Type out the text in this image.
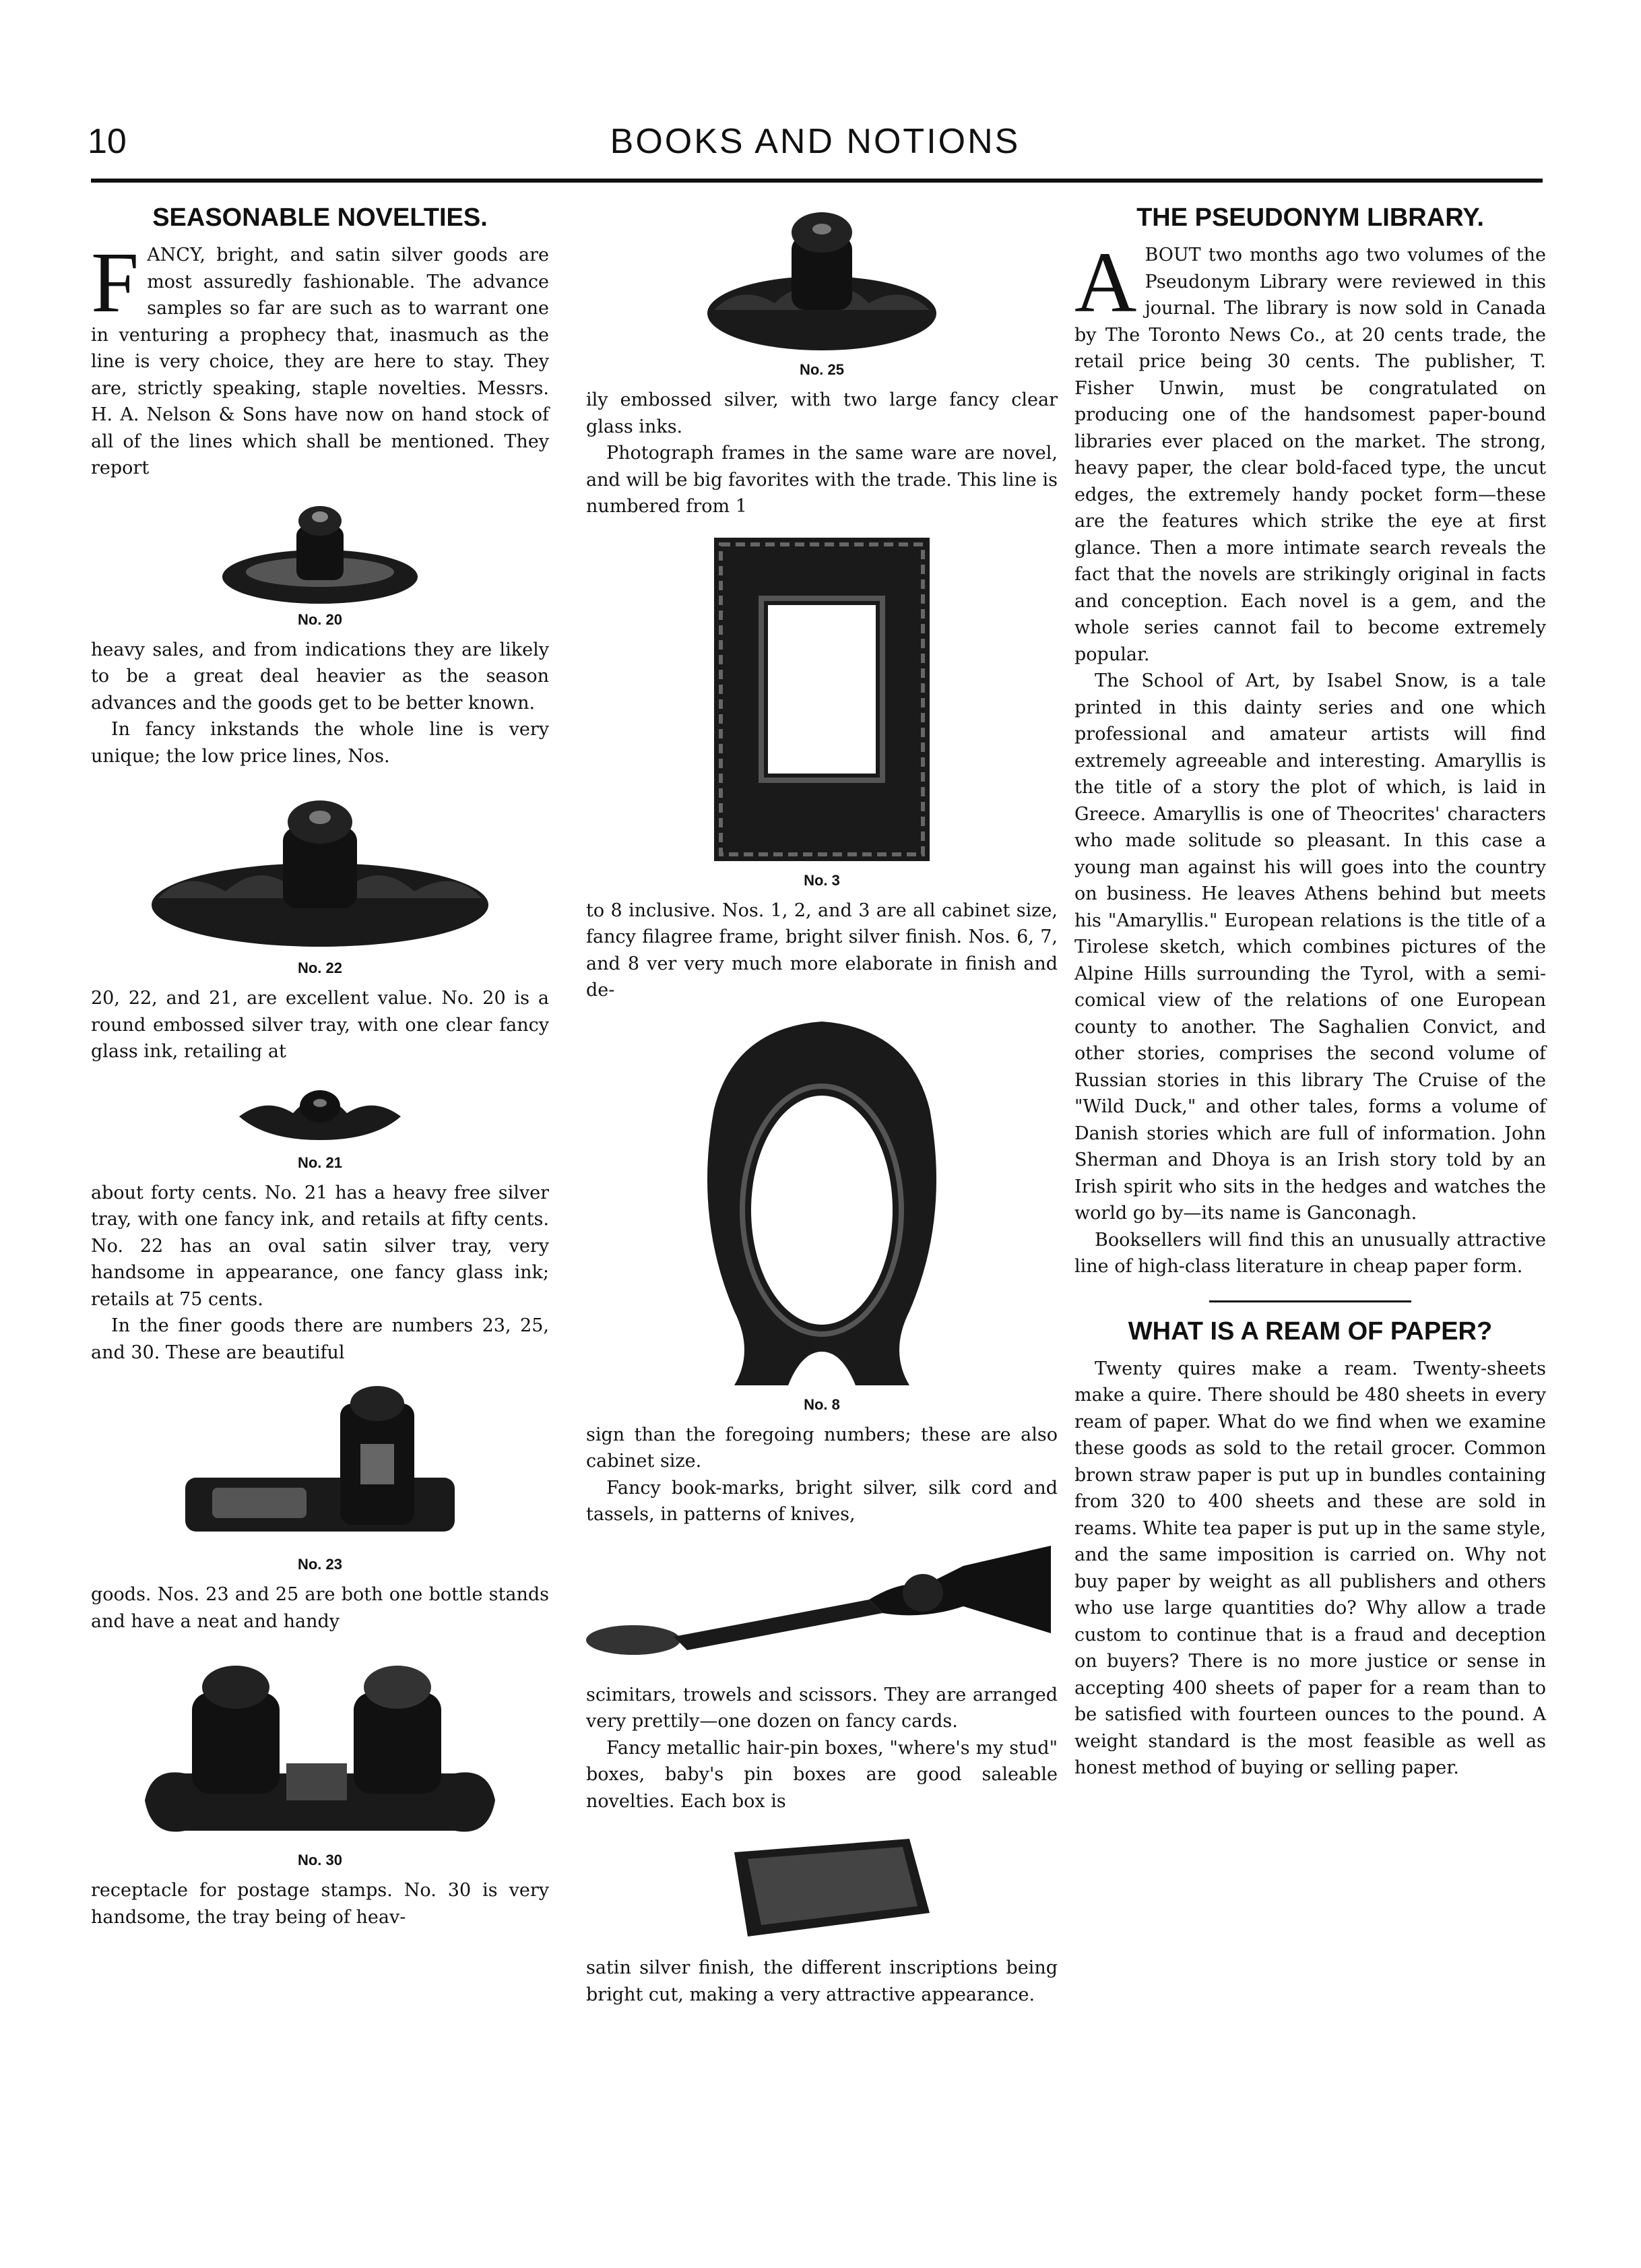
10	BOOKS AND NOTIONS
SEASONABLE NOVELTIES.

FANCY, bright, and satin silver goods are most assuredly fashionable. The advance samples so far are such as to warrant one in venturing a prophecy that, inasmuch as the line is very choice, they are here to stay. They are, strictly speaking, staple novelties. Messrs. H. A. Nelson & Sons have now on hand stock of all of the lines which shall be mentioned. They report

No. 20

heavy sales, and from indications they are likely to be a great deal heavier as the season advances and the goods get to be better known.

In fancy inkstands the whole line is very unique; the low price lines, Nos.

No. 22

20, 22, and 21, are excellent value. No. 20 is a round embossed silver tray, with one clear fancy glass ink, retailing at

No. 21

about forty cents. No. 21 has a heavy free silver tray, with one fancy ink, and retails at fifty cents. No. 22 has an oval satin silver tray, very handsome in appearance, one fancy glass ink; retails at 75 cents.

In the finer goods there are numbers 23, 25, and 30. These are beautiful

No. 23

goods. Nos. 23 and 25 are both one bottle stands and have a neat and handy

No. 30

receptacle for postage stamps. No. 30 is very handsome, the tray being of heav-

No. 25

ily embossed silver, with two large fancy clear glass inks.

Photograph frames in the same ware are novel, and will be big favorites with the trade. This line is numbered from 1

No. 3

to 8 inclusive. Nos. 1, 2, and 3 are all cabinet size, fancy filagree frame, bright silver finish. Nos. 6, 7, and 8 ver very much more elaborate in finish and de-

No. 8

sign than the foregoing numbers; these are also cabinet size.

Fancy book-marks, bright silver, silk cord and tassels, in patterns of knives,

scimitars, trowels and scissors. They are arranged very prettily—one dozen on fancy cards.

Fancy metallic hair-pin boxes, "where's my stud" boxes, baby's pin boxes are good saleable novelties. Each box is

satin silver finish, the different inscriptions being bright cut, making a very attractive appearance.

THE PSEUDONYM LIBRARY.

ABOUT two months ago two volumes of the Pseudonym Library were reviewed in this journal. The library is now sold in Canada by The Toronto News Co., at 20 cents trade, the retail price being 30 cents. The publisher, T. Fisher Unwin, must be congratulated on producing one of the handsomest paper-bound libraries ever placed on the market. The strong, heavy paper, the clear bold-faced type, the uncut edges, the extremely handy pocket form—these are the features which strike the eye at first glance. Then a more intimate search reveals the fact that the novels are strikingly original in facts and conception. Each novel is a gem, and the whole series cannot fail to become extremely popular.

The School of Art, by Isabel Snow, is a tale printed in this dainty series and one which professional and amateur artists will find extremely agreeable and interesting. Amaryllis is the title of a story the plot of which, is laid in Greece. Amaryllis is one of Theocrites' characters who made solitude so pleasant. In this case a young man against his will goes into the country on business. He leaves Athens behind but meets his "Amaryllis." European relations is the title of a Tirolese sketch, which combines pictures of the Alpine Hills surrounding the Tyrol, with a semi-comical view of the relations of one European county to another. The Saghalien Convict, and other stories, comprises the second volume of Russian stories in this library The Cruise of the "Wild Duck," and other tales, forms a volume of Danish stories which are full of information. John Sherman and Dhoya is an Irish story told by an Irish spirit who sits in the hedges and watches the world go by—its name is Ganconagh.

Booksellers will find this an unusually attractive line of high-class literature in cheap paper form.

WHAT IS A REAM OF PAPER?

Twenty quires make a ream. Twenty-sheets make a quire. There should be 480 sheets in every ream of paper. What do we find when we examine these goods as sold to the retail grocer. Common brown straw paper is put up in bundles containing from 320 to 400 sheets and these are sold in reams. White tea paper is put up in the same style, and the same imposition is carried on. Why not buy paper by weight as all publishers and others who use large quantities do? Why allow a trade custom to continue that is a fraud and deception on buyers? There is no more justice or sense in accepting 400 sheets of paper for a ream than to be satisfied with fourteen ounces to the pound. A weight standard is the most feasible as well as honest method of buying or selling paper.
